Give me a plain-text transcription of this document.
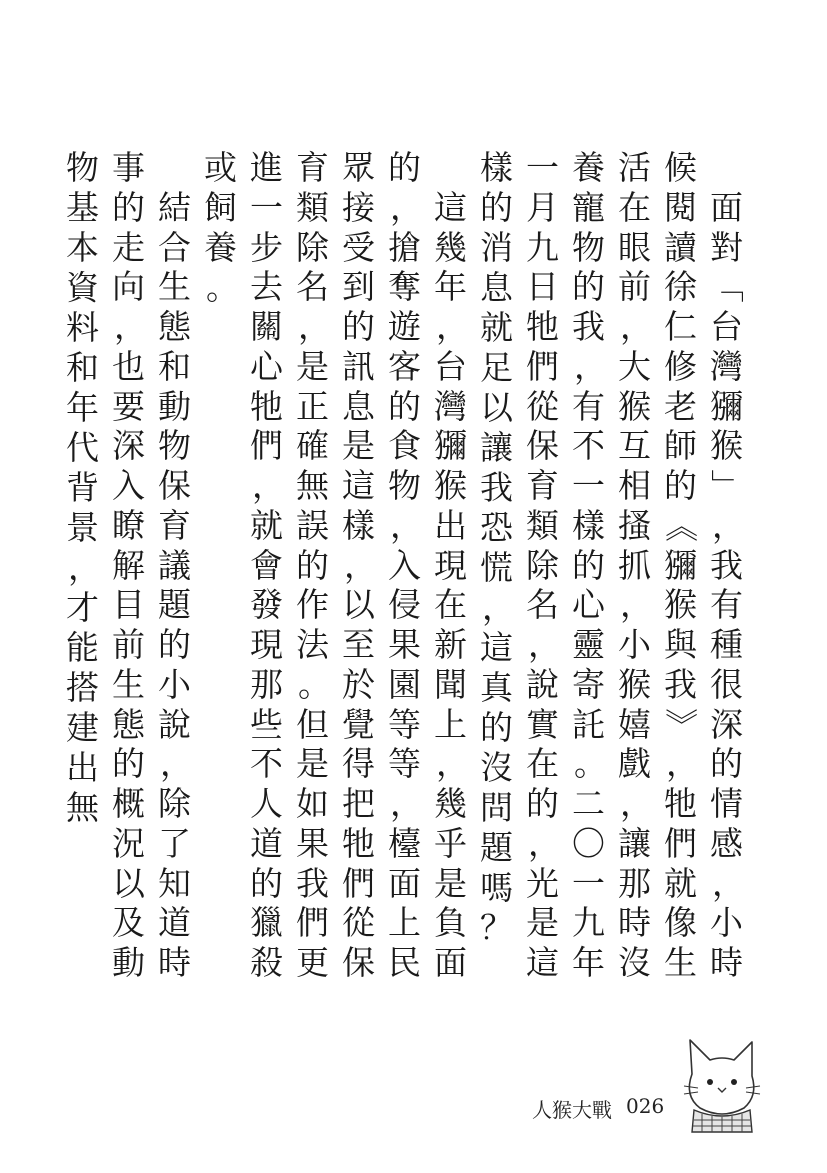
面
對
「
台
灣
獼
猴
」
，
我
有
種
很
深
的
情
感
，
小
時
候
閱
讀
徐
仁
修
老
師
的
《
獼
猴
與
我
》
，
牠
們
就
像
生
活
在
眼
前
，
大
猴
互
相
搔
抓
，
小
猴
嬉
戲
，
讓
那
時
沒
養
寵
物
的
我
，
有
不
一
樣
的
心
靈
寄
託
。
二
〇
一
九
年
一
月
九
日
牠
們
從
保
育
類
除
名
，
說
實
在
的
，
光
是
這
樣
的
消
息
就
足
以
讓
我
恐
慌
，
這
真
的
沒
問
題
嗎
？

這
幾
年
，
台
灣
獼
猴
出
現
在
新
聞
上
，
幾
乎
是
負
面
的
，
搶
奪
遊
客
的
食
物
，
入
侵
果
園
等
等
，
檯
面
上
民
眾
接
受
到
的
訊
息
是
這
樣
，
以
至
於
覺
得
把
牠
們
從
保
育
類
除
名
，
是
正
確
無
誤
的
作
法
。
但
是
如
果
我
們
更
進
一
步
去
關
心
牠
們
，
就
會
發
現
那
些
不
人
道
的
獵
殺
或
飼
養
。

結
合
生
態
和
動
物
保
育
議
題
的
小
說
，
除
了
知
道
時
事
的
走
向
，
也
要
深
入
瞭
解
目
前
生
態
的
概
況
以
及
動
物
基
本
資
料
和
年
代
背
景
，
才
能
搭
建
出
無
人猴大戰 026
